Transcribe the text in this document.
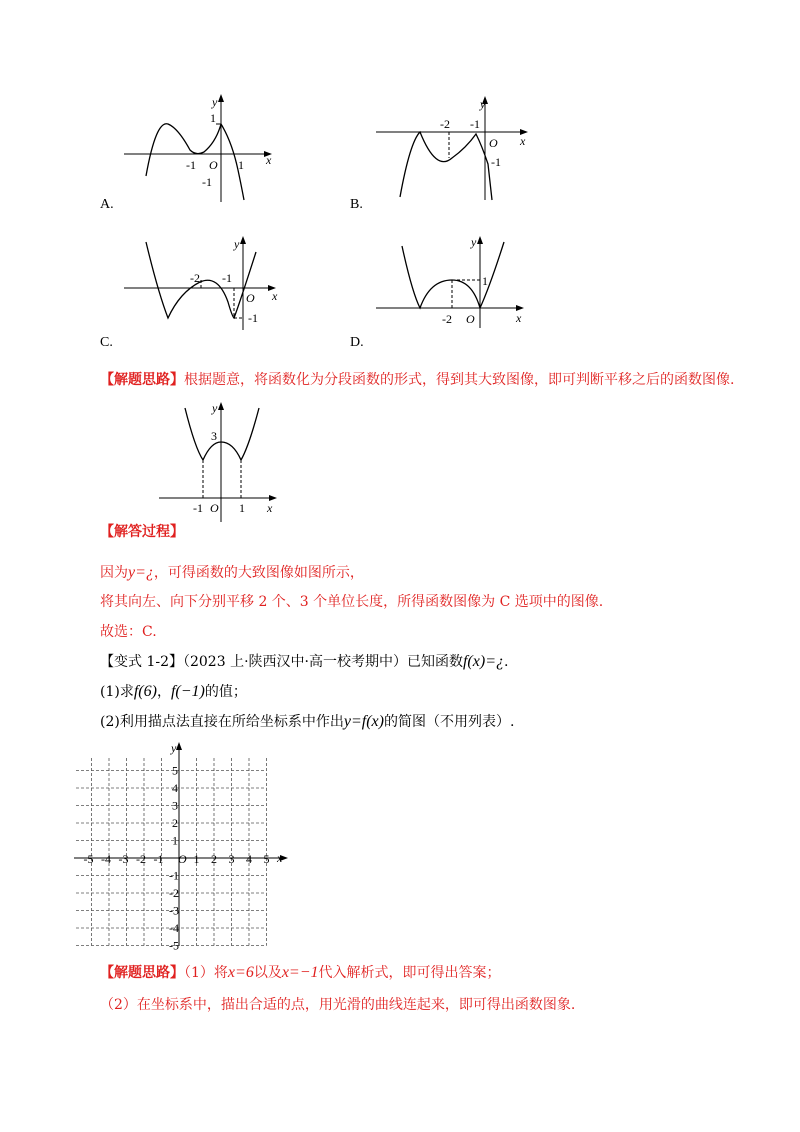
y
x
O
1
1
-1
-1
A.
y
x
O
-2 -1
-1
B.
y
x
O
-2 -1
-1
C.
y
x
O
1
-2
D.
【解题思路】根据题意，将函数化为分段函数的形式，得到其大致图像，即可判断平移之后的函数图像.
y
x
O
3
-1	1
【解答过程】
因为y=¿，可得函数的大致图像如图所示，
将其向左、向下分别平移 2 个、3 个单位长度，所得函数图像为 C 选项中的图像.
故选：C.
【变式 1-2】（2023 上·陕西汉中·高一校考期中）已知函数f(x)=¿.
(1)求f(6)，f(−1)的值；
(2)利用描点法直接在所给坐标系中作出y=f(x)的简图（不用列表）.
-5 -4 -3 -2 -1	1 2 3 4 5
5
4
3
2
1
-1
-2
-3
-4
-5
y
x
O
【解题思路】（1）将x=6以及x=−1代入解析式，即可得出答案；
（2）在坐标系中，描出合适的点，用光滑的曲线连起来，即可得出函数图象.
